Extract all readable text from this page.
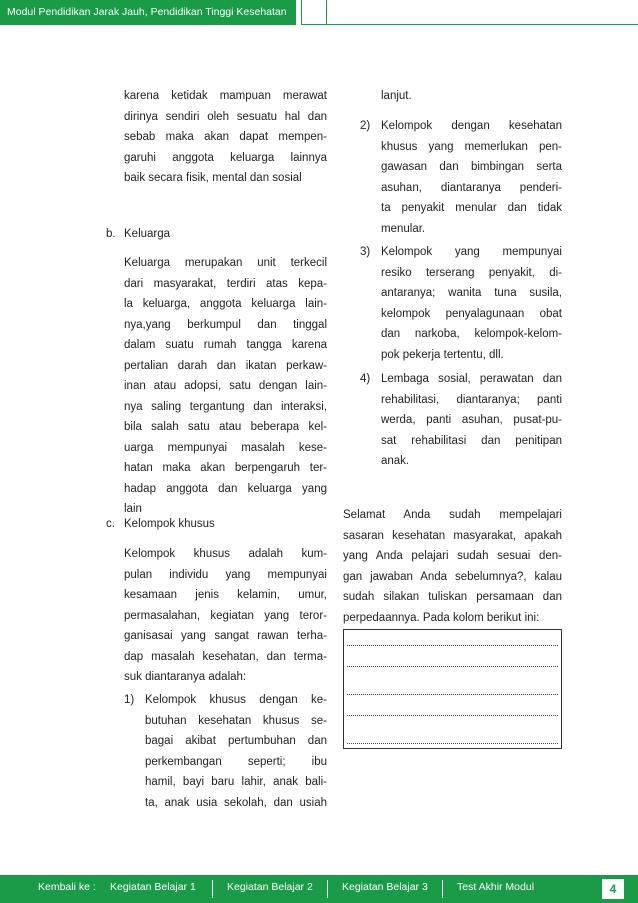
Modul Pendidikan Jarak Jauh, Pendidikan Tinggi Kesehatan
karena ketidak mampuan merawat
dirinya sendiri oleh sesuatu hal dan
sebab maka akan dapat mempen-
garuhi anggota keluarga lainnya
baik secara fisik, mental dan sosial
b. Keluarga
Keluarga merupakan unit terkecil
dari masyarakat, terdiri atas kepa-
la keluarga, anggota keluarga lain-
nya,yang berkumpul dan tinggal
dalam suatu rumah tangga karena
pertalian darah dan ikatan perkaw-
inan atau adopsi, satu dengan lain-
nya saling tergantung dan interaksi,
bila salah satu atau beberapa kel-
uarga mempunyai masalah kese-
hatan maka akan berpengaruh ter-
hadap anggota dan keluarga yang
lain
c. Kelompok khusus
Kelompok khusus adalah kum-
pulan individu yang mempunyai
kesamaan jenis kelamin, umur,
permasalahan, kegiatan yang teror-
ganisasai yang sangat rawan terha-
dap masalah kesehatan, dan terma-
suk diantaranya adalah:
1) Kelompok khusus dengan ke-
butuhan kesehatan khusus se-
bagai akibat pertumbuhan dan
perkembangan seperti; ibu
hamil, bayi baru lahir, anak bali-
ta, anak usia sekolah, dan usiah
lanjut.
2) Kelompok dengan kesehatan
khusus yang memerlukan pen-
gawasan dan bimbingan serta
asuhan, diantaranya penderi-
ta penyakit menular dan tidak
menular.
3) Kelompok yang mempunyai
resiko terserang penyakit, di-
antaranya; wanita tuna susila,
kelompok penyalagunaan obat
dan narkoba, kelompok-kelom-
pok pekerja tertentu, dll.
4) Lembaga sosial, perawatan dan
rehabilitasi, diantaranya; panti
werda, panti asuhan, pusat-pu-
sat rehabilitasi dan penitipan
anak.
Selamat Anda sudah mempelajari
sasaran kesehatan masyarakat, apakah
yang Anda pelajari sudah sesuai den-
gan jawaban Anda sebelumnya?, kalau
sudah silakan tuliskan persamaan dan
perpedaannya. Pada kolom berikut ini:
Kembali ke : Kegiatan Belajar 1	Kegiatan Belajar 2	Kegiatan Belajar 3	Test Akhir Modul	4
